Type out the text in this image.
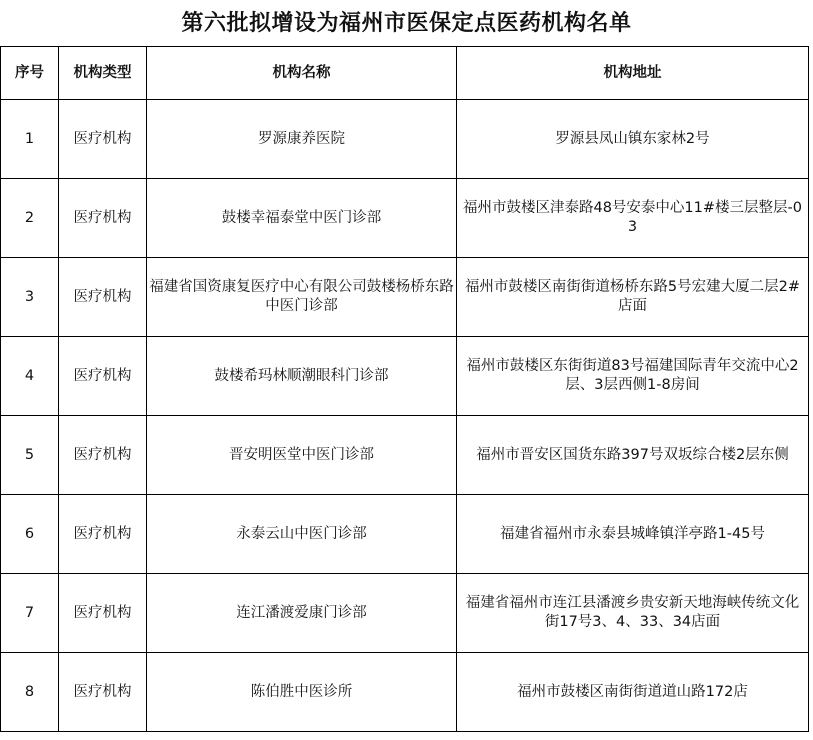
第六批拟增设为福州市医保定点医药机构名单
序号	机构类型	机构名称	机构地址
1	医疗机构	罗源康养医院	罗源县凤山镇东家林2号
2	医疗机构	鼓楼幸福泰堂中医门诊部	福州市鼓楼区津泰路48号安泰中心11#楼三层整层-03
3	医疗机构	福建省国资康复医疗中心有限公司鼓楼杨桥东路中医门诊部	福州市鼓楼区南街街道杨桥东路5号宏建大厦二层2#店面
4	医疗机构	鼓楼希玛林顺潮眼科门诊部	福州市鼓楼区东街街道83号福建国际青年交流中心2层、3层西侧1-8房间
5	医疗机构	晋安明医堂中医门诊部	福州市晋安区国货东路397号双坂综合楼2层东侧
6	医疗机构	永泰云山中医门诊部	福建省福州市永泰县城峰镇洋亭路1-45号
7	医疗机构	连江潘渡爱康门诊部	福建省福州市连江县潘渡乡贵安新天地海峡传统文化街17号3、4、33、34店面
8	医疗机构	陈伯胜中医诊所	福州市鼓楼区南街街道道山路172店
